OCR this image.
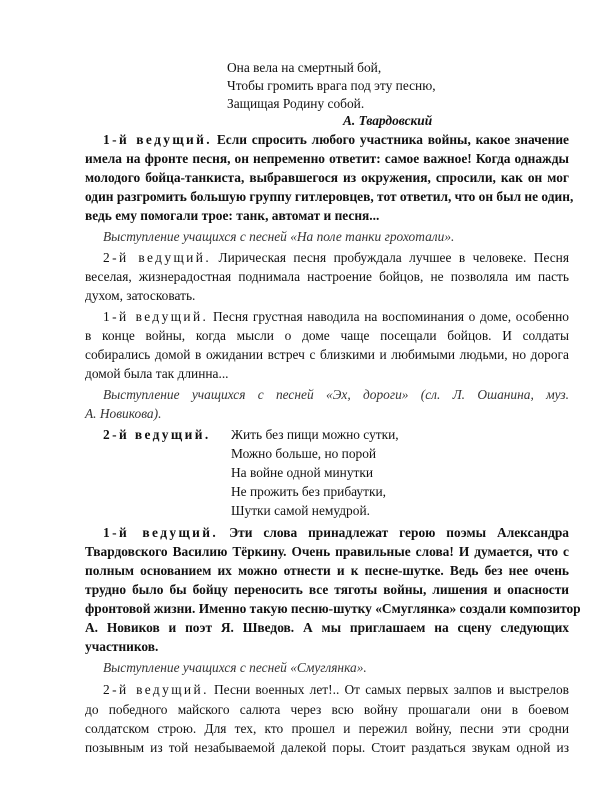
Она вела на смертный бой,
Чтобы громить врага под эту песню,
Защищая Родину собой.
А. Твардовский
1-й ведущий. Если спросить любого участника войны, какое значение
имела на фронте песня, он непременно ответит: самое важное! Когда однажды
молодого бойца-танкиста, выбравшегося из окружения, спросили, как он мог
один разгромить большую группу гитлеровцев, тот ответил, что он был не один,
ведь ему помогали трое: танк, автомат и песня...
Выступление учащихся с песней «На поле танки грохотали».
2-й ведущий. Лирическая песня пробуждала лучшее в человеке. Песня
веселая, жизнерадостная поднимала настроение бойцов, не позволяла им пасть
духом, затосковать.
1-й ведущий. Песня грустная наводила на воспоминания о доме, особенно
в конце войны, когда мысли о доме чаще посещали бойцов. И солдаты
собирались домой в ожидании встреч с близкими и любимыми людьми, но дорога
домой была так длинна...
Выступление учащихся с песней «Эх, дороги» (сл. Л. Ошанина, муз.
А. Новикова).
2-й ведущий. Жить без пищи можно сутки,
Можно больше, но порой
На войне одной минутки
Не прожить без прибаутки,
Шутки самой немудрой.
1-й ведущий. Эти слова принадлежат герою поэмы Александра
Твардовского Василию Тёркину. Очень правильные слова! И думается, что с
полным основанием их можно отнести и к песне-шутке. Ведь без нее очень
трудно было бы бойцу переносить все тяготы войны, лишения и опасности
фронтовой жизни. Именно такую песню-шутку «Смуглянка» создали композитор
А. Новиков и поэт Я. Шведов. А мы приглашаем на сцену следующих
участников.
Выступление учащихся с песней «Смуглянка».
2-й ведущий. Песни военных лет!.. От самых первых залпов и выстрелов
до победного майского салюта через всю войну прошагали они в боевом
солдатском строю. Для тех, кто прошел и пережил войну, песни эти сродни
позывным из той незабываемой далекой поры. Стоит раздаться звукам одной из
